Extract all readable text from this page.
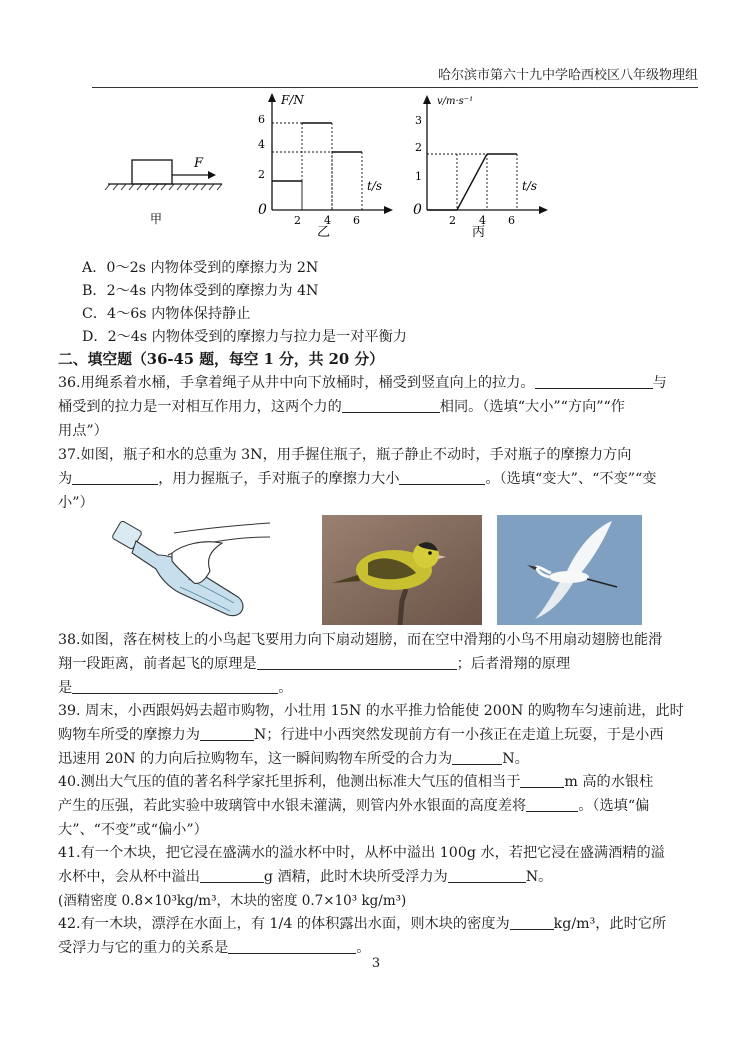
哈尔滨市第六十九中学哈西校区八年级物理组
F
甲
F/N
t/s
0
2 4 6
2
4
6
乙
v/m·s⁻¹
t/s
0
2 4 6
1
2
3
丙
A．0～2s 内物体受到的摩擦力为 2N
B．2～4s 内物体受到的摩擦力为 4N
C．4～6s 内物体保持静止
D．2～4s 内物体受到的摩擦力与拉力是一对平衡力
二、填空题（36-45 题，每空 1 分，共 20 分）
36.用绳系着水桶，手拿着绳子从井中向下放桶时，桶受到竖直向上的拉力。	与
桶受到的拉力是一对相互作用力，这两个力的	相同。（选填“大小”“方向”“作
用点”）
37.如图，瓶子和水的总重为 3N，用手握住瓶子，瓶子静止不动时，手对瓶子的摩擦力方向
为	，用力握瓶子，手对瓶子的摩擦力大小	。（选填“变大”、“不变”“变
小”）
38.如图，落在树枝上的小鸟起飞要用力向下扇动翅膀，而在空中滑翔的小鸟不用扇动翅膀也能滑
翔一段距离，前者起飞的原理是	；后者滑翔的原理
是	。
39. 周末，小西跟妈妈去超市购物，小壮用 15N 的水平推力恰能使 200N 的购物车匀速前进，此时
购物车所受的摩擦力为	N；行进中小西突然发现前方有一小孩正在走道上玩耍，于是小西
迅速用 20N 的力向后拉购物车，这一瞬间购物车所受的合力为	N。
40.测出大气压的值的著名科学家托里拆利，他测出标准大气压的值相当于	m 高的水银柱
产生的压强，若此实验中玻璃管中水银未灌满，则管内外水银面的高度差将	。（选填“偏
大”、“不变”或“偏小”）
41.有一个木块，把它浸在盛满水的溢水杯中时，从杯中溢出 100g 水，若把它浸在盛满酒精的溢
水杯中，会从杯中溢出	g 酒精，此时木块所受浮力为	N。
(酒精密度 0.8×10³kg/m³，木块的密度 0.7×10³ kg/m³)
42.有一木块，漂浮在水面上，有 1/4 的体积露出水面，则木块的密度为	kg/m³，此时它所
受浮力与它的重力的关系是	。
3
